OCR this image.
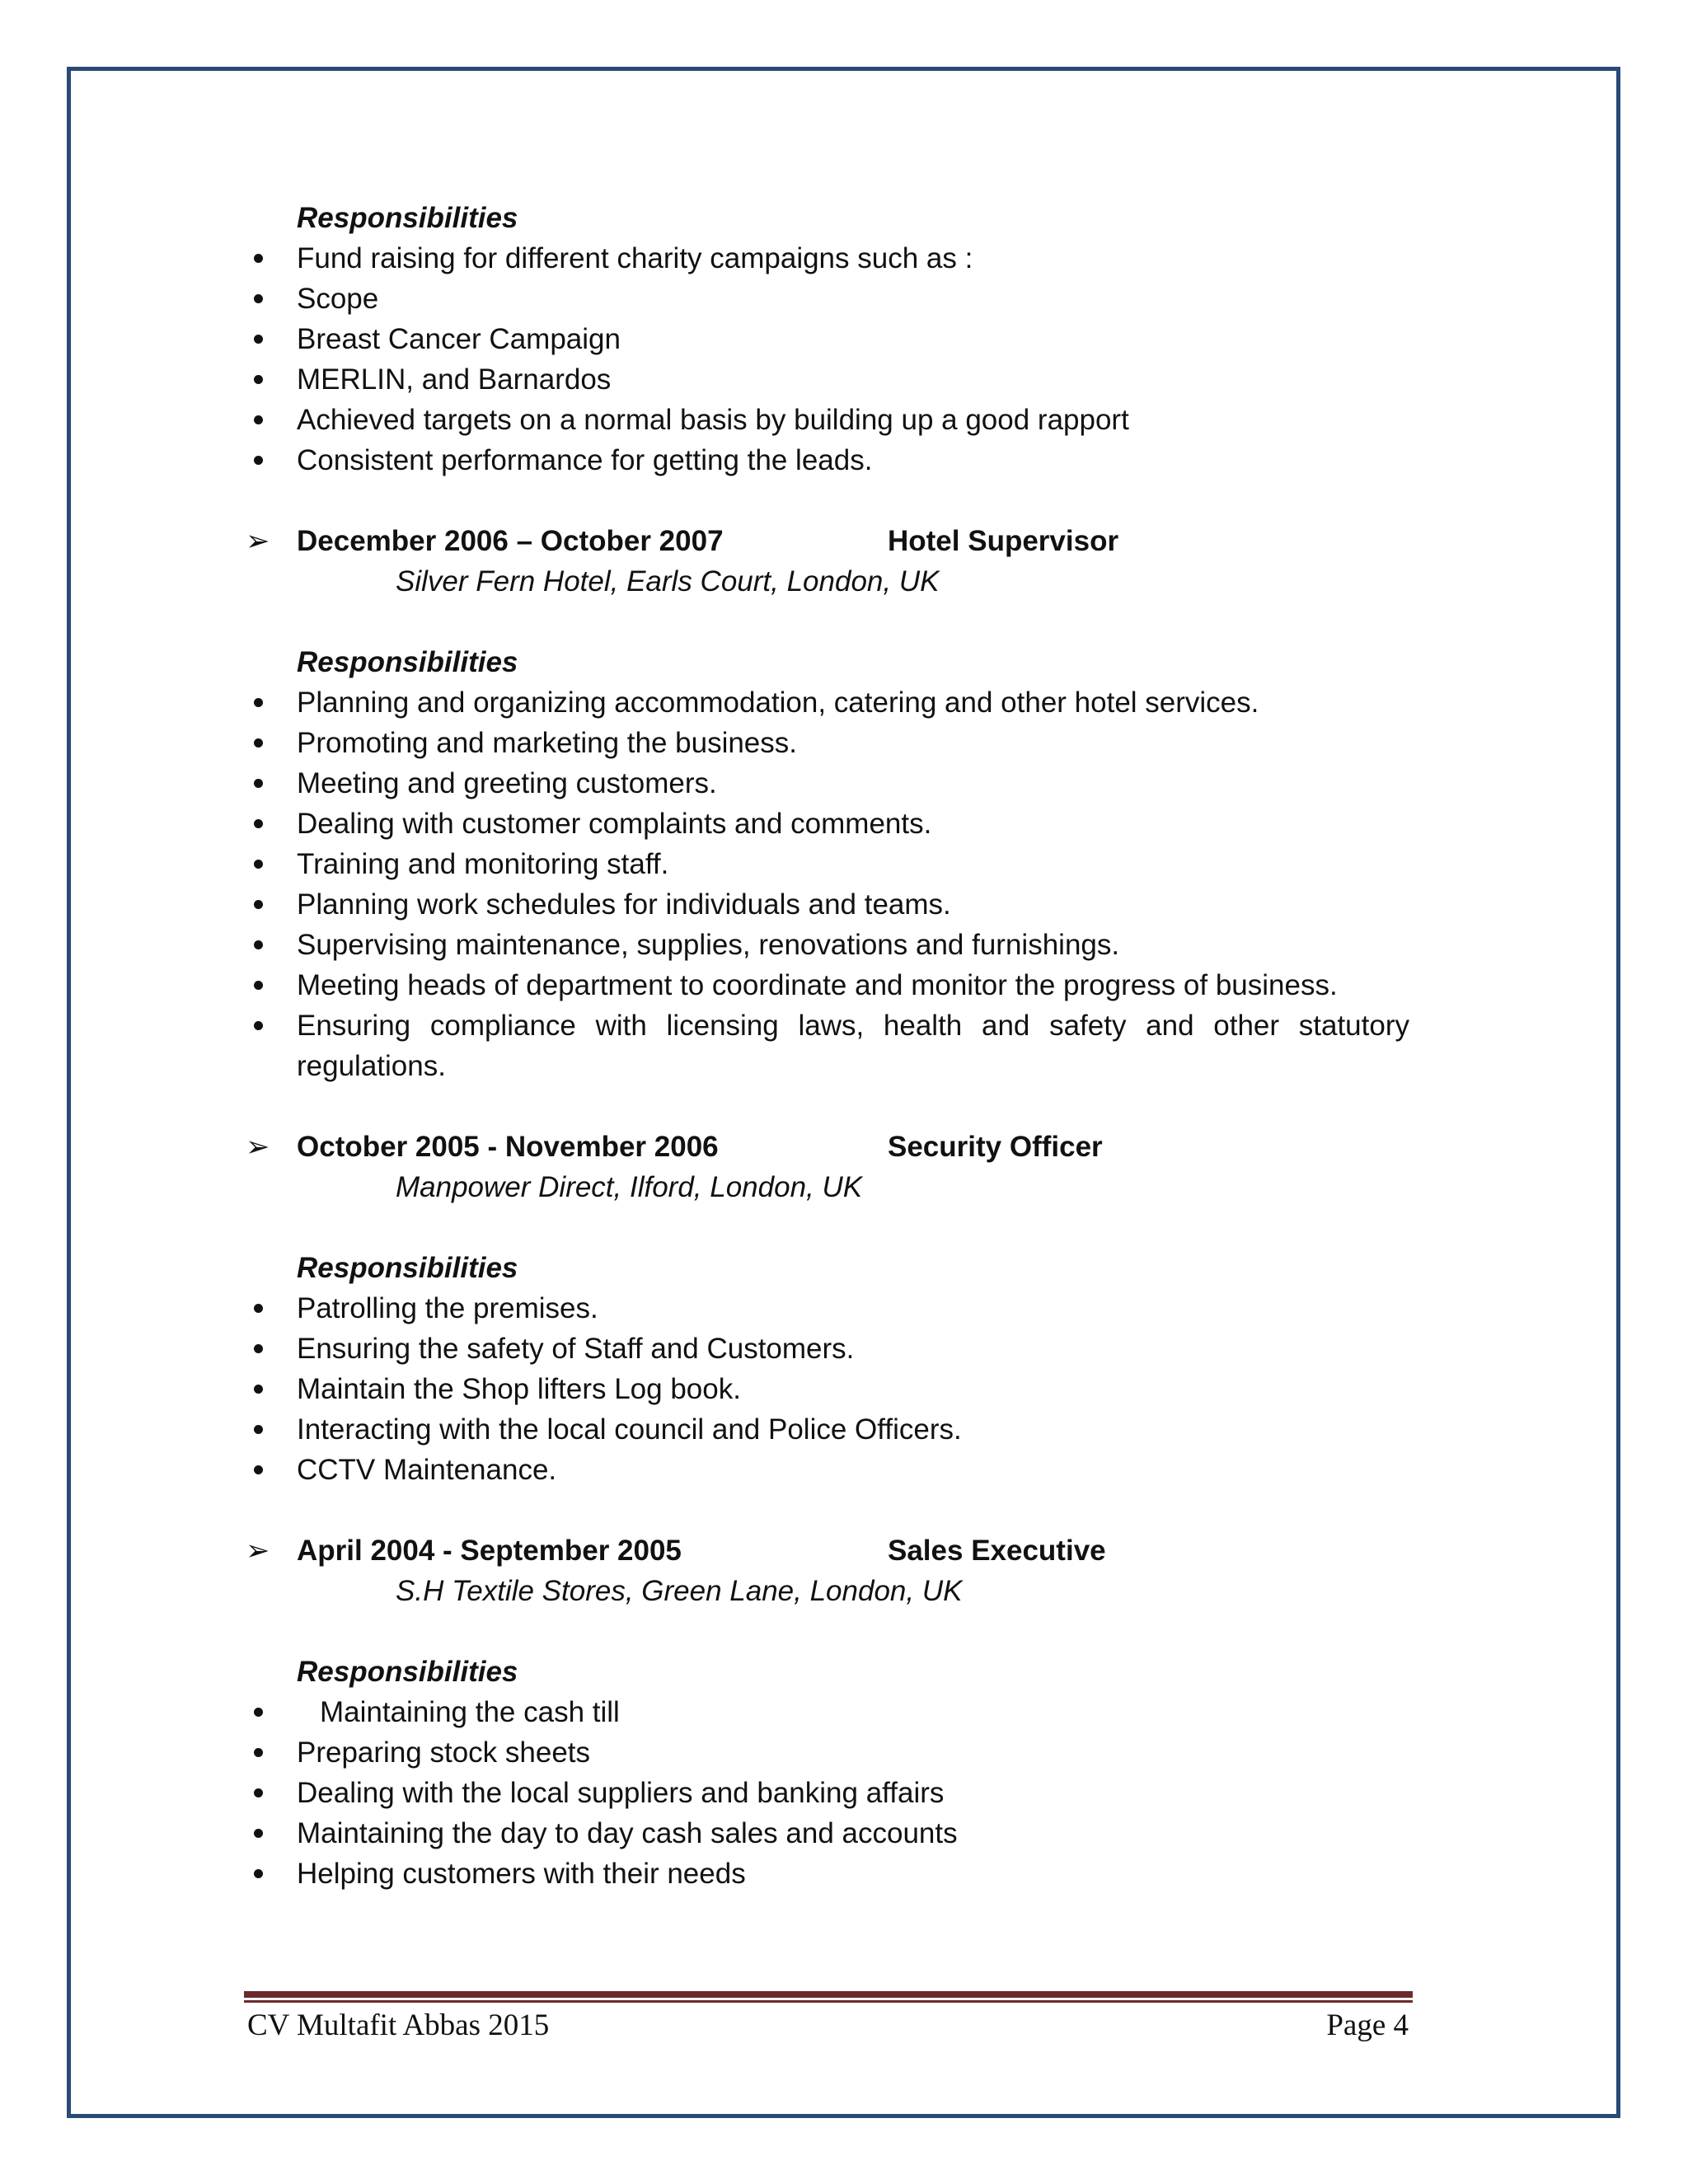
Responsibilities

Fund raising for different charity campaigns such as :
Scope
Breast Cancer Campaign
MERLIN, and Barnardos
Achieved targets on a normal basis by building up a good rapport
Consistent performance for getting the leads.
➢ December 2006 – October 2007	Hotel Supervisor
Silver Fern Hotel, Earls Court, London, UK

Responsibilities

Planning and organizing accommodation, catering and other hotel services.
Promoting and marketing the business.
Meeting and greeting customers.
Dealing with customer complaints and comments.
Training and monitoring staff.
Planning work schedules for individuals and teams.
Supervising maintenance, supplies, renovations and furnishings.
Meeting heads of department to coordinate and monitor the progress of business.
Ensuring compliance with licensing laws, health and safety and other statutory regulations.
➢ October 2005 - November 2006	Security Officer
Manpower Direct, Ilford, London, UK

Responsibilities

Patrolling the premises.
Ensuring the safety of Staff and Customers.
Maintain the Shop lifters Log book.
Interacting with the local council and Police Officers.
CCTV Maintenance.
➢ April 2004 - September 2005	Sales Executive
S.H Textile Stores, Green Lane, London, UK

Responsibilities

Maintaining the cash till
Preparing stock sheets
Dealing with the local suppliers and banking affairs
Maintaining the day to day cash sales and accounts
Helping customers with their needs
CV Multafit Abbas 2015	Page 4
